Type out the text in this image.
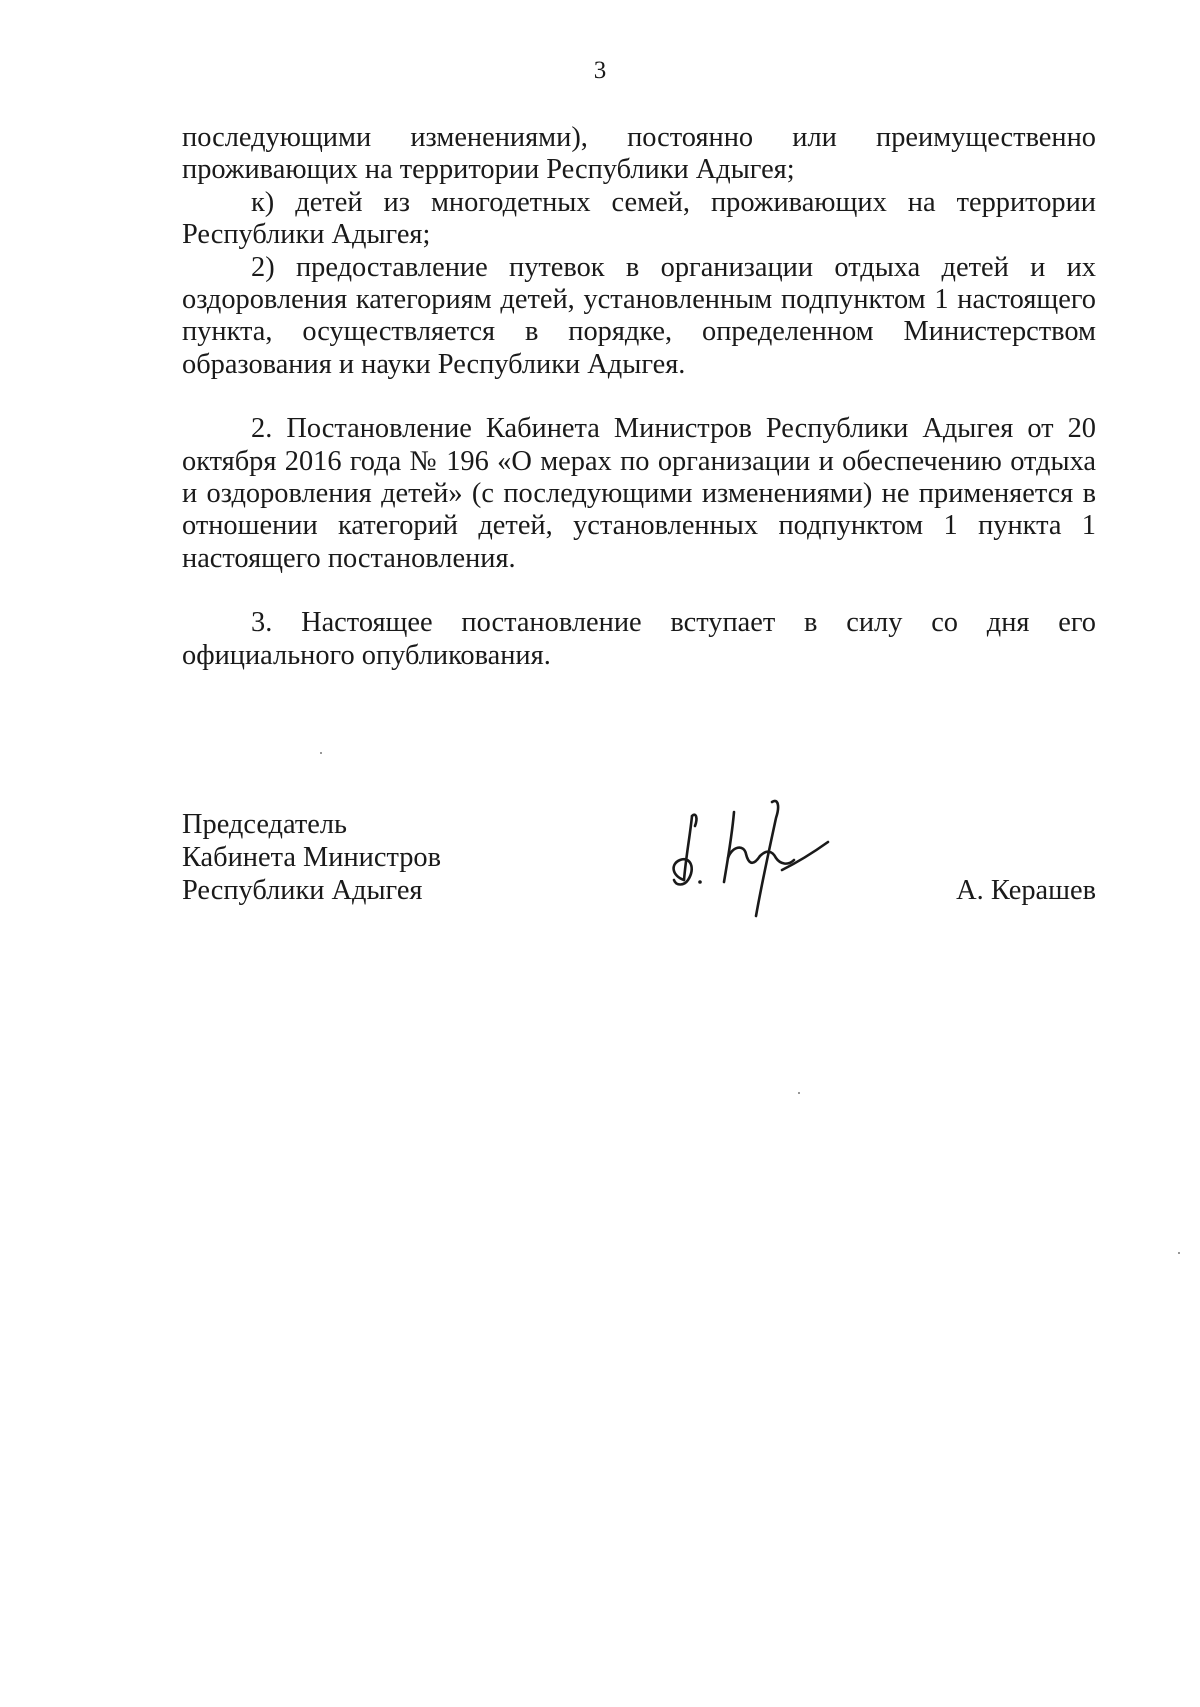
3

последующими изменениями), постоянно или преимущественно проживающих на территории Республики Адыгея;

к) детей из многодетных семей, проживающих на территории Республики Адыгея;

2) предоставление путевок в организации отдыха детей и их оздоровления категориям детей, установленным подпунктом 1 настоящего пункта, осуществляется в порядке, определенном Министерством образования и науки Республики Адыгея.

2. Постановление Кабинета Министров Республики Адыгея от 20 октября 2016 года № 196 «О мерах по организации и обеспечению отдыха и оздоровления детей» (с последующими изменениями) не применяется в отношении категорий детей, установленных подпунктом 1 пункта 1 настоящего постановления.

3. Настоящее постановление вступает в силу со дня его официального опубликования.

Председатель
Кабинета Министров
Республики Адыгея	А. Керашев
